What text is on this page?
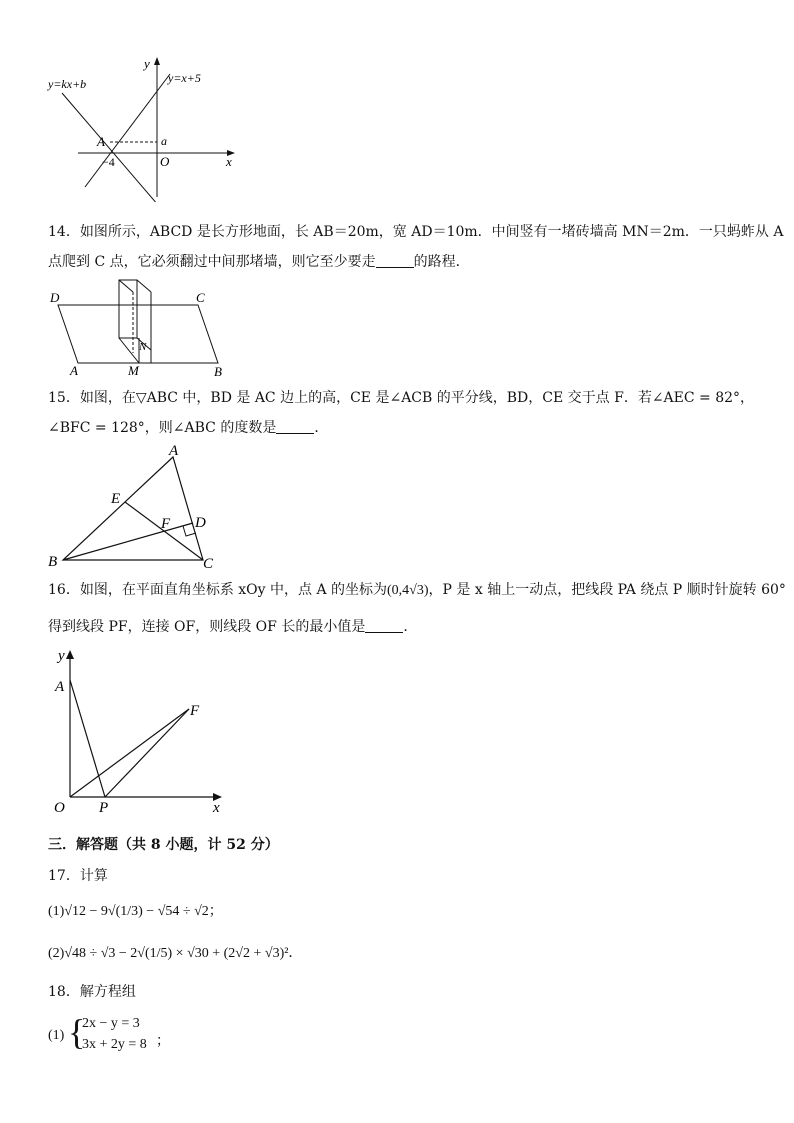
y=kx+b	y=x+5
y
x
A	a
−4	O
14．如图所示，ABCD 是长方形地面，长 AB＝20m，宽 AD＝10m．中间竖有一堵砖墙高 MN＝2m．一只蚂蚱从 A
点爬到 C 点，它必须翻过中间那堵墙，则它至少要走	的路程．
D	C
A	M	B
N
15．如图，在▽ABC 中，BD 是 AC 边上的高，CE 是∠ACB 的平分线，BD，CE 交于点 F．若∠AEC = 82°，
∠BFC = 128°，则∠ABC 的度数是	．
A
E
F D
B	C
16．如图，在平面直角坐标系 xOy 中，点 A 的坐标为(0,4√3)，P 是 x 轴上一动点，把线段 PA 绕点 P 顺时针旋转 60°
得到线段 PF，连接 OF，则线段 OF 长的最小值是	．
y
A
F
O P	x
三．解答题（共 8 小题，计 52 分）
17．计算
(1)√12 − 9√(1/3) − √54 ÷ √2；
(2)√48 ÷ √3 − 2√(1/5) × √30 + (2√2 + √3)²．
18．解方程组
(1) {
2x − y = 3
3x + 2y = 8 ；
